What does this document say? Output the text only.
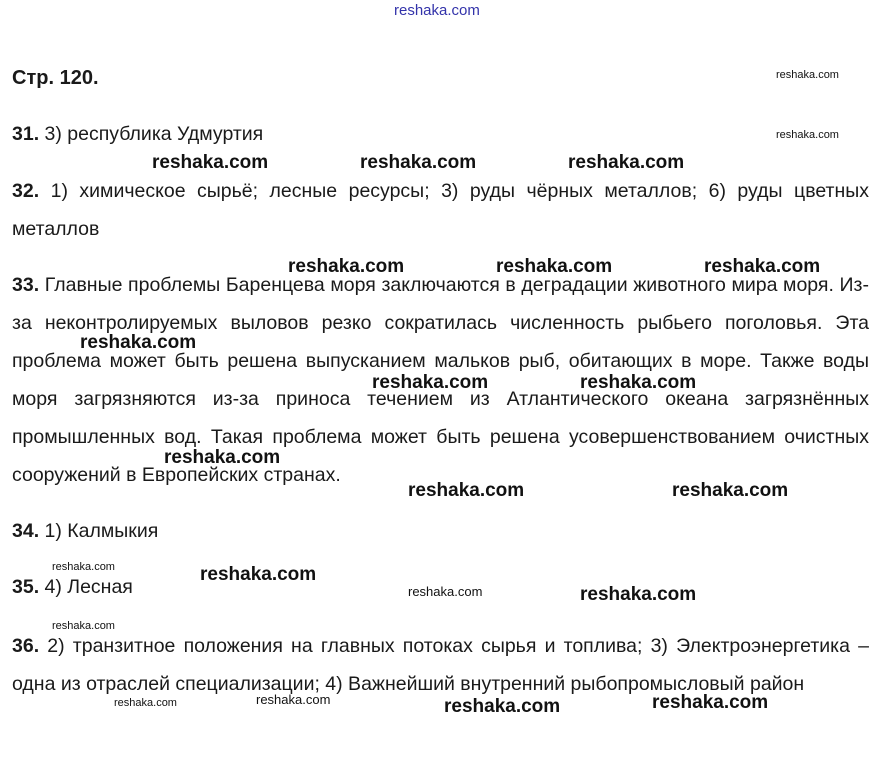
reshaka.com
Стр. 120.

31. 3) республика Удмуртия

32. 1) химическое сырьё; лесные ресурсы; 3) руды чёрных металлов; 6) руды цветных металлов

33. Главные проблемы Баренцева моря заключаются в деградации животного мира моря. Из-за неконтролируемых выловов резко сократилась численность рыбьего поголовья. Эта проблема может быть решена выпусканием мальков рыб, обитающих в море. Также воды моря загрязняются из-за приноса течением из Атлантического океана загрязнённых промышленных вод. Такая проблема может быть решена усовершенствованием очистных сооружений в Европейских странах.

34. 1) Калмыкия

35. 4) Лесная

36. 2) транзитное положения на главных потоках сырья и топлива; 3) Электроэнергетика – одна из отраслей специализации; 4) Важнейший внутренний рыбопромысловый район

reshaka.com
reshaka.com
reshaka.com	reshaka.com	reshaka.com
reshaka.com	reshaka.com	reshaka.com
reshaka.com
reshaka.com	reshaka.com
reshaka.com
reshaka.com	reshaka.com
reshaka.com	reshaka.com
reshaka.com	reshaka.com
reshaka.com
reshaka.com	reshaka.com	reshaka.com	reshaka.com
